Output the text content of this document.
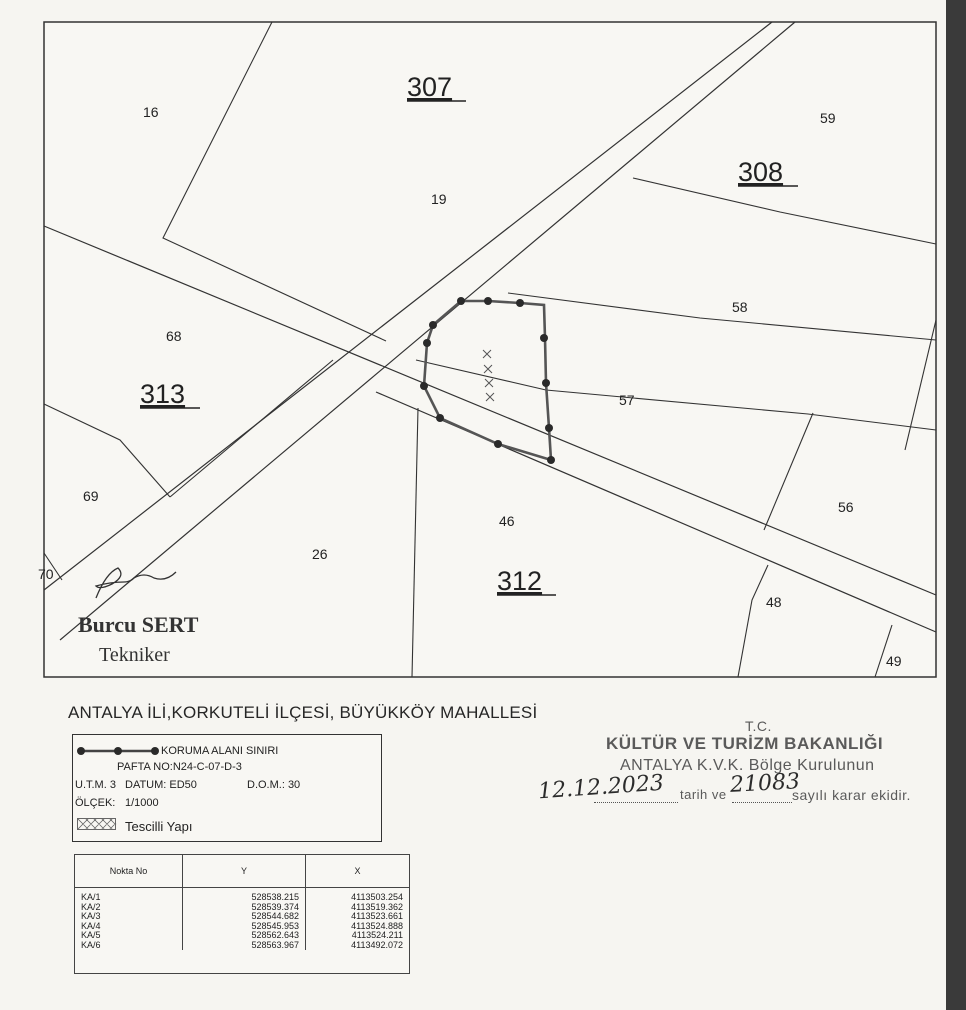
307
308
313
312
16	59
19
58
68
57
69
56
46
26
70
48
49
Burcu SERT
Tekniker
ANTALYA İLİ,KORKUTELİ İLÇESİ, BÜYÜKKÖY MAHALLESİ
KORUMA ALANI SINIRI
PAFTA NO:N24-C-07-D-3
U.T.M. 3 DATUM: ED50	D.O.M.: 30
ÖLÇEK: 1/1000
Tescilli Yapı
Nokta No	Y	X
KA/1	528538.215	4113503.254
KA/2	528539.374	4113519.362
KA/3	528544.682	4113523.661
KA/4	528545.953	4113524.888
KA/5	528562.643	4113524.211
KA/6	528563.967	4113492.072
T.C.
KÜLTÜR VE TURİZM BAKANLIĞI
ANTALYA K.V.K. Bölge Kurulunun
tarih ve	sayılı karar ekidir.
12.12.2023	21083
